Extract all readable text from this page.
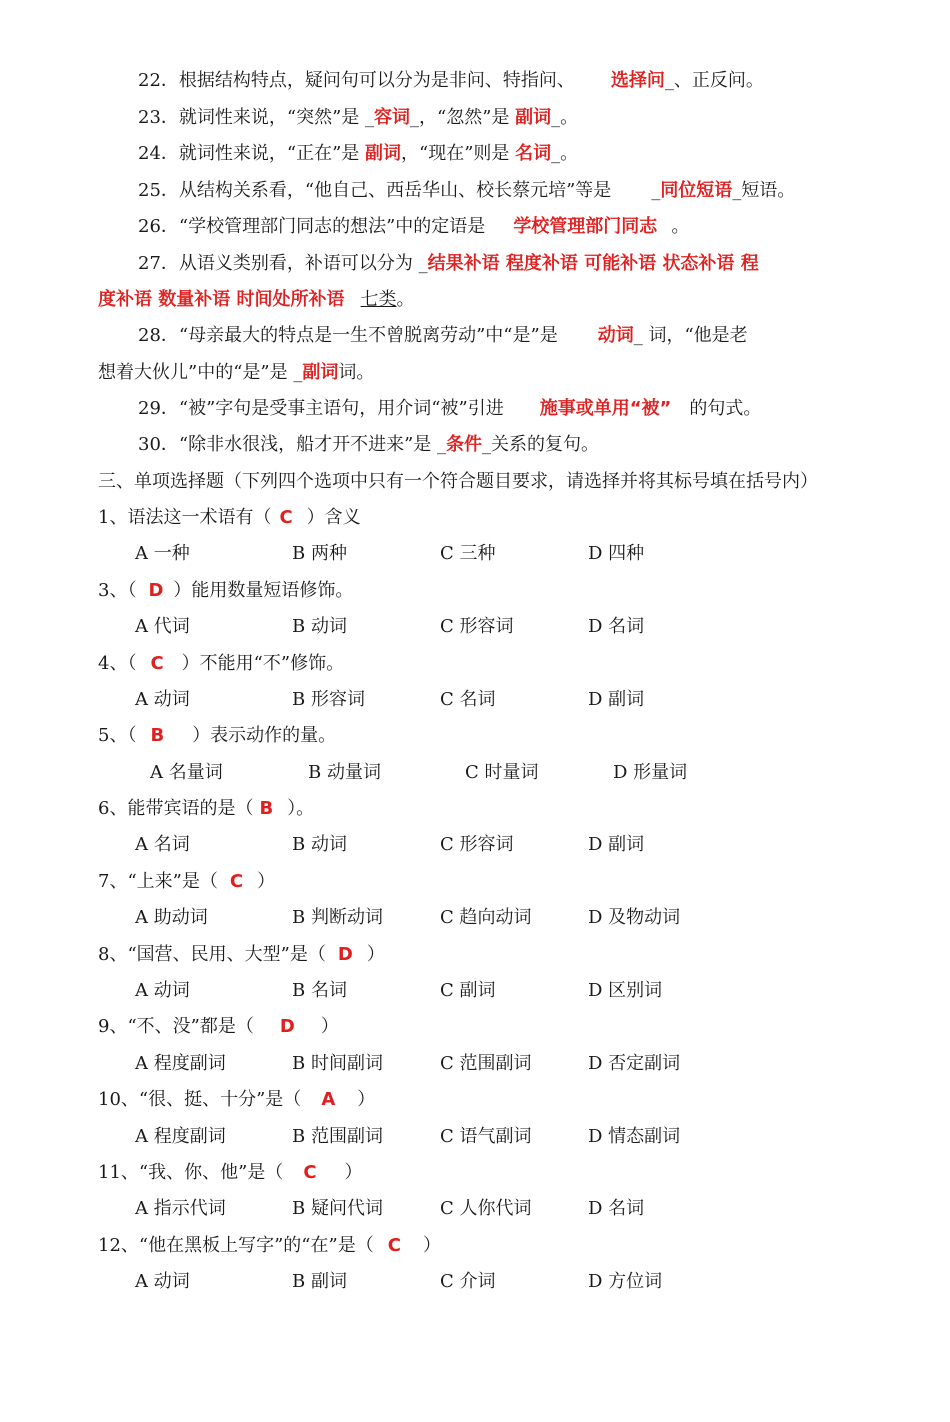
22．根据结构特点，疑问句可以分为是非问、特指问、 选择问_、正反问。
23．就词性来说，“突然”是 _容词_，“忽然”是 副词_。
24．就词性来说，“正在”是 副词，“现在”则是 名词_。
25．从结构关系看，“他自己、西岳华山、校长蔡元培”等是 _同位短语_短语。
26．“学校管理部门同志的想法”中的定语是 学校管理部门同志 。
27．从语义类别看，补语可以分为 _结果补语 程度补语 可能补语 状态补语 程
度补语 数量补语 时间处所补语 七类。
28．“母亲最大的特点是一生不曾脱离劳动”中“是”是 动词_ 词，“他是老
想着大伙儿”中的“是”是 _副词词。
29．“被”字句是受事主语句，用介词“被”引进 施事或单用“被” 的句式。
30．“除非水很浅，船才开不进来”是 _条件_关系的复句。
三、单项选择题（下列四个选项中只有一个符合题目要求，请选择并将其标号填在括号内）
1、语法这一术语有（ C ）含义
A 一种	B 两种	C 三种	D 四种
3、（ D ）能用数量短语修饰。
A 代词	B 动词	C 形容词	D 名词
4、（ C ）不能用“不”修饰。
A 动词	B 形容词	C 名词	D 副词
5、（ B ）表示动作的量。
A 名量词	B 动量词	C 时量词	D 形量词
6、能带宾语的是（ B ）。
A 名词	B 动词	C 形容词	D 副词
7、“上来”是（ C ）
A 助动词	B 判断动词	C 趋向动词	D 及物动词
8、“国营、民用、大型”是（ D ）
A 动词	B 名词	C 副词	D 区别词
9、“不、没”都是（ D ）
A 程度副词	B 时间副词	C 范围副词	D 否定副词
10、“很、挺、十分”是（ A ）
A 程度副词	B 范围副词	C 语气副词	D 情态副词
11、“我、你、他”是（ C ）
A 指示代词	B 疑问代词	C 人你代词	D 名词
12、“他在黑板上写字”的“在”是（ C ）
A 动词	B 副词	C 介词	D 方位词
